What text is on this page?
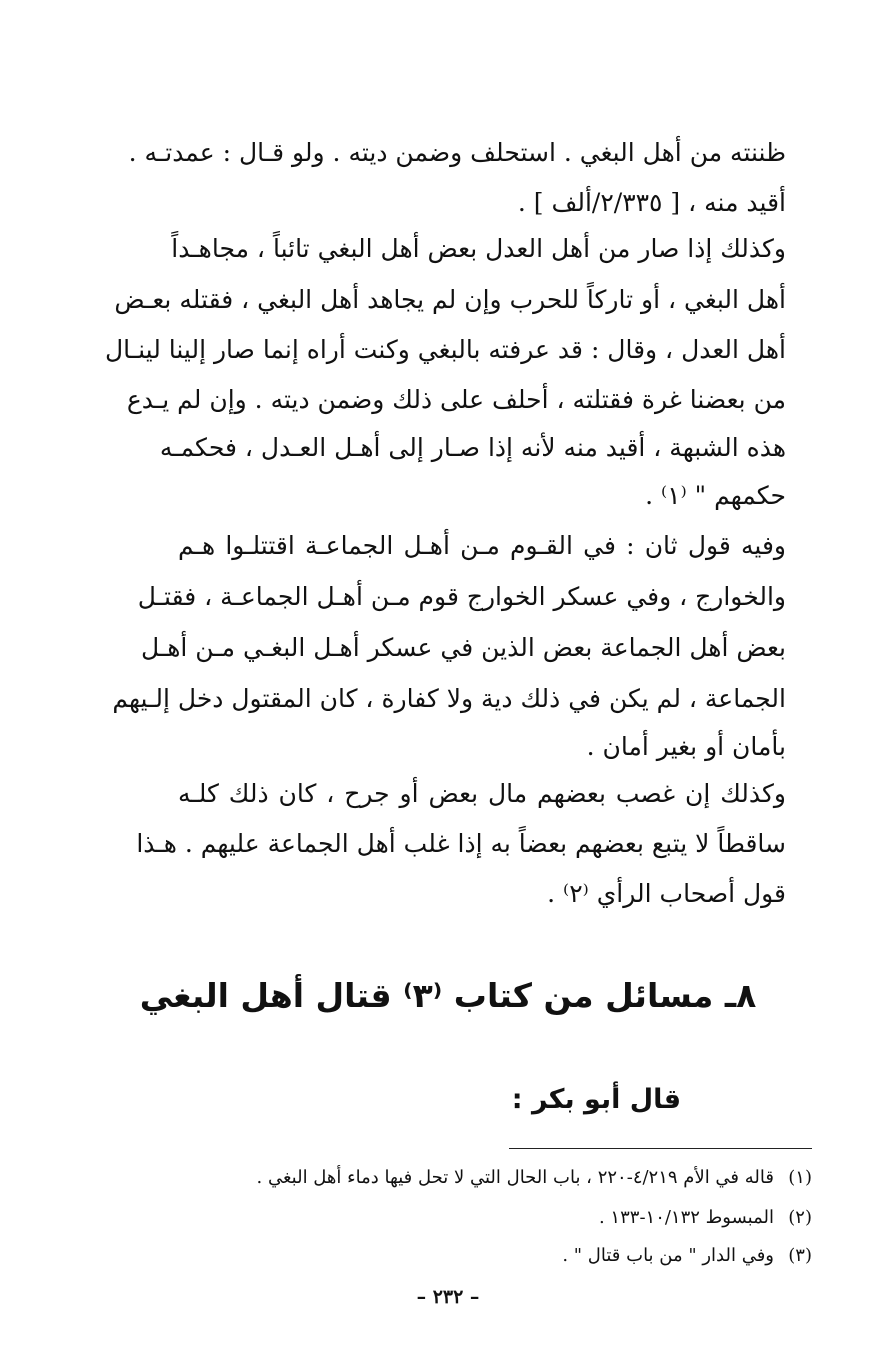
ظننته من أهل البغي . استحلف وضمن ديته . ولو قـال : عمدتـه .
أقيد منه ، [ ٢/٣٣٥/ألف ] .
وكذلك إذا صار من أهل العدل بعض أهل البغي تائباً ، مجاهـداً
أهل البغي ، أو تاركاً للحرب وإن لم يجاهد أهل البغي ، فقتله بعـض
أهل العدل ، وقال : قد عرفته بالبغي وكنت أراه إنما صار إلينا لينـال
من بعضنا غرة فقتلته ، أحلف على ذلك وضمن ديته . وإن لم يـدع
هذه الشبهة ، أقيد منه لأنه إذا صـار إلى أهـل العـدل ، فحكمـه
حكمهم " ⁽١⁾ .
وفيه قول ثان : في القـوم مـن أهـل الجماعـة اقتتلـوا هـم
والخوارج ، وفي عسكر الخوارج قوم مـن أهـل الجماعـة ، فقتـل
بعض أهل الجماعة بعض الذين في عسكر أهـل البغـي مـن أهـل
الجماعة ، لم يكن في ذلك دية ولا كفارة ، كان المقتول دخل إلـيهم
بأمان أو بغير أمان .
وكذلك إن غصب بعضهم مال بعض أو جرح ، كان ذلك كلـه
ساقطاً لا يتبع بعضهم بعضاً به إذا غلب أهل الجماعة عليهم . هـذا
قول أصحاب الرأي ⁽٢⁾ .
٨ـ مسائل من كتاب ⁽٣⁾ قتال أهل البغي
قال أبو بكر :
(١)قاله في الأم ٤/٢١٩-٢٢٠ ، باب الحال التي لا تحل فيها دماء أهل البغي .
(٢)المبسوط ١٠/١٣٢-١٣٣ .
(٣)وفي الدار " من باب قتال " .
– ٢٣٢ –
